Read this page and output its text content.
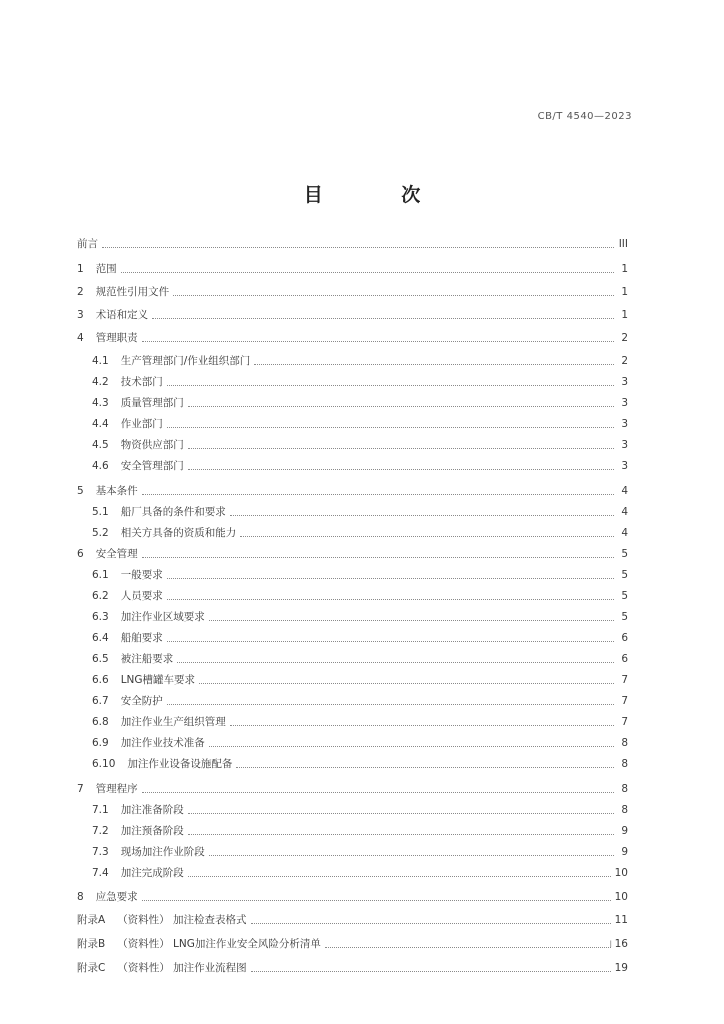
CB/T 4540—2023
目 次
前言	III
1	范围	1
2	规范性引用文件	1
3	术语和定义	1
4	管理职责	2
4.1	生产管理部门/作业组织部门	2
4.2	技术部门	3
4.3	质量管理部门	3
4.4	作业部门	3
4.5	物资供应部门	3
4.6	安全管理部门	3
5	基本条件	4
5.1	船厂具备的条件和要求	4
5.2	相关方具备的资质和能力	4
6	安全管理	5
6.1	一般要求	5
6.2	人员要求	5
6.3	加注作业区域要求	5
6.4	船舶要求	6
6.5	被注船要求	6
6.6	LNG槽罐车要求	7
6.7	安全防护	7
6.8	加注作业生产组织管理	7
6.9	加注作业技术准备	8
6.10	加注作业设备设施配备	8
7	管理程序	8
7.1	加注准备阶段	8
7.2	加注预备阶段	9
7.3	现场加注作业阶段	9
7.4	加注完成阶段	10
8	应急要求	10
附录A	（资料性） 加注检查表格式	11
附录B	（资料性） LNG加注作业安全风险分析清单	16
附录C	（资料性） 加注作业流程图	19
I
